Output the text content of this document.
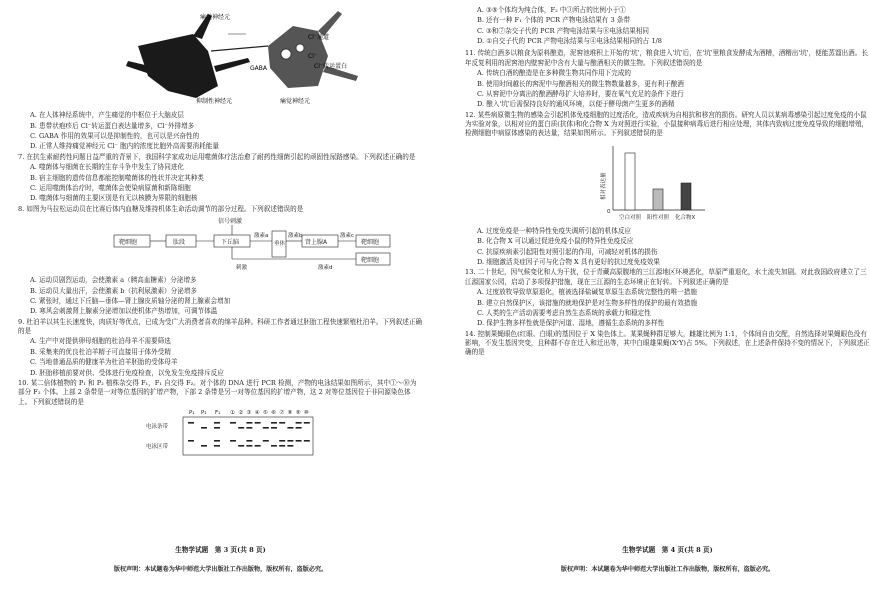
痛觉神经元
抑制性神经元
Cl⁻通道
Cl⁻
Cl⁻转运蛋白
GABA
痛觉神经元
A. 在人体神经系统中，产生痛觉的中枢位于大脑皮层
B. 患带状疱疹后 Cl⁻转运蛋白表达量增多，Cl⁻外排增多
C. GABA 作用的效果可以是抑制性的，也可以是兴奋性的
D. 正常人维持痛觉神经元 Cl⁻ 胞内的浓度比胞外高需要消耗能量
7. 在抗生素耐药性问题日益严重的背景下，我国科学家成功运用噬菌体疗法治愈了耐药性细菌引起的顽固性尿路感染。下列叙述正确的是
A. 噬菌体与细菌在长期的生存斗争中发生了协同进化
B. 宿主细胞的遗传信息都能控制噬菌体的性状并决定其种类
C. 运用噬菌体治疗时，噬菌体会使染病原菌和新陈细胞
D. 噬菌体与细菌的主要区别是有无以核膜为界限的细胞核
8. 如图为马拉松运动员在比赛后体内血糖及维持机体生命活动调节的部分过程。下列叙述错误的是
靶细胞	肽段	下丘脑	垂体	肾上腺A	靶细胞
靶细胞
信号刺激
激素a	激素b	激素c
激素d
刺激
A. 运动员剧烈运动，会使激素 a（胰高血糖素）分泌增多
B. 运动员大量出汗，会使激素 b（抗利尿激素）分泌增多
C. 紧张时，通过下丘脑—垂体—肾上腺皮质轴分泌的肾上腺素会增加
D. 寒风会刺激肾上腺素分泌增加以使机体产热增加，可调节体温
9. 杜泊羊以其生长速度快，肉质好等优点，已成为受广大消费者喜欢的绵羊品种。科研工作者通过胚胎工程快速繁殖杜泊羊。下列叙述正确的是
A. 生产中对提供卵母细胞的杜泊母羊不需要筛选
B. 采集来的优良杜泊羊精子可直接用于体外受精
C. 当地普通品质的健康羊为杜泊羊胚胎的受体母羊
D. 胚胎移植前要对供、受体进行免疫检查，以免发生免疫排斥反应
10. 某二倍体植物的 P₁ 和 P₂ 植株杂交得 F₁，F₁ 自交得 F₂。对个体的 DNA 进行 PCR 检测，产物的电泳结果如图所示，其中①～⑩为部分 F₂ 个体。上部 2 条带是一对等位基因的扩增产物，下部 2 条带是另一对等位基因的扩增产物，这 2 对等位基因位于非同源染色体上。下列叙述错误的是
电泳条带
电泳区带
P₁ P₂ F₁ ① ② ③ ④ ⑤ ⑥ ⑦ ⑧ ⑨ ⑩
生物学试题　第 3 页(共 8 页)
版权声明：本试题卷为华中师范大学出版社工作出版物，版权所有，盗版必究。
A. ③⑤个体均为纯合体，F₂ 中③所占的比例小于①
B. 还有一种 F₁ 个体的 PCR 产物电泳结果有 3 条带
C. ③和⑦杂交子代的 PCR 产物电泳结果与⑧电泳结果相同
D. ①自交子代的 PCR 产物电泳结果与④电泳结果相同的占 1/8
11. 传统白酒多以粮食为原料酿造，泥窖池堆积上开始的'坑'，粮食进入'坑'后，在'坑'里粮食发酵成为酒糟，酒糟出'坑'，便能蒸馏出酒。长年反复利用的泥窖池内壁窖泥中含有大量与酿酒相关的微生物。下列叙述错误的是
A. 传统白酒的酿造是在多种微生物共同作用下完成的
B. 使用时间越长的窖泥中与酿酒相关的微生物数量越多，更有利于酿酒
C. 从窖泥中分离出的酿酒酵母扩大培养时，要在氧气充足的条件下进行
D. 酿入'坑'后需保持良好的通风环境，以便于酵母菌产生更多的酒精
12. 某些病原微生物的感染会引起机体免疫细胞的过度活化，造成疾病为自相抗和移宫的损伤。研究人员以某病毒感染引起过度免疫的小鼠为实验对象，以相对应的蛋白质(抗体)和化合物 X 为对照进行实验，小鼠接种病毒后进行相应处理，其体内致病过度免疫导致的细胞增殖，检测细胞中病原体感染的表达量，结果如图所示。下列叙述错误的是
相对表达量
0
空白对照 阳性对照 化合物X
A. 过度免疫是一种特异性免疫失调所引起的机体反应
B. 化合物 X 可以通过促进免疫小鼠的特异性免疫反应
C. 抗原疾病素引起阳性对照引起的作用，可减轻对机体的损伤
D. 细胞激活炎症因子可与化合物 X 具有更好的抗过度免疫效果
13. 二十世纪，因气候变化和人为干扰，位于青藏高原腹地的三江源地区环境恶化，草原严重退化，水土流失加剧。对此我国政府建立了三江源国家公园，启动了多项保护措施，现在三江源的生态环境正在好转。下列叙述正确的是
A. 过度放牧导致草原退化，植被选择盐碱复草原生态系统完整性的唯一措施
B. 建立自然保护区，该措施的就地保护是对生物多样性的保护的最有效措施
C. 人类的生产活动需要考虑自然生态系统的承载力和稳定性
D. 保护生物多样性就是保护河道、湿地，遵循生态系统的多样性
14. 控制果蝇眼色(红眼、白眼)的基因位于 X 染色体上。某果蝇种群足够大，雌雄比例为 1:1，个体间自由交配，自然选择对果蝇眼色没有影响，不发生基因突变，且种群不存在迁入和迁出等，其中白眼雄果蝇(XʳY)占 5%。下列叙述，在上述条件保持不变的情况下，下列叙述正确的是
生物学试题　第 4 页(共 8 页)
版权声明：本试题卷为华中师范大学出版社工作出版物，版权所有，盗版必究。
